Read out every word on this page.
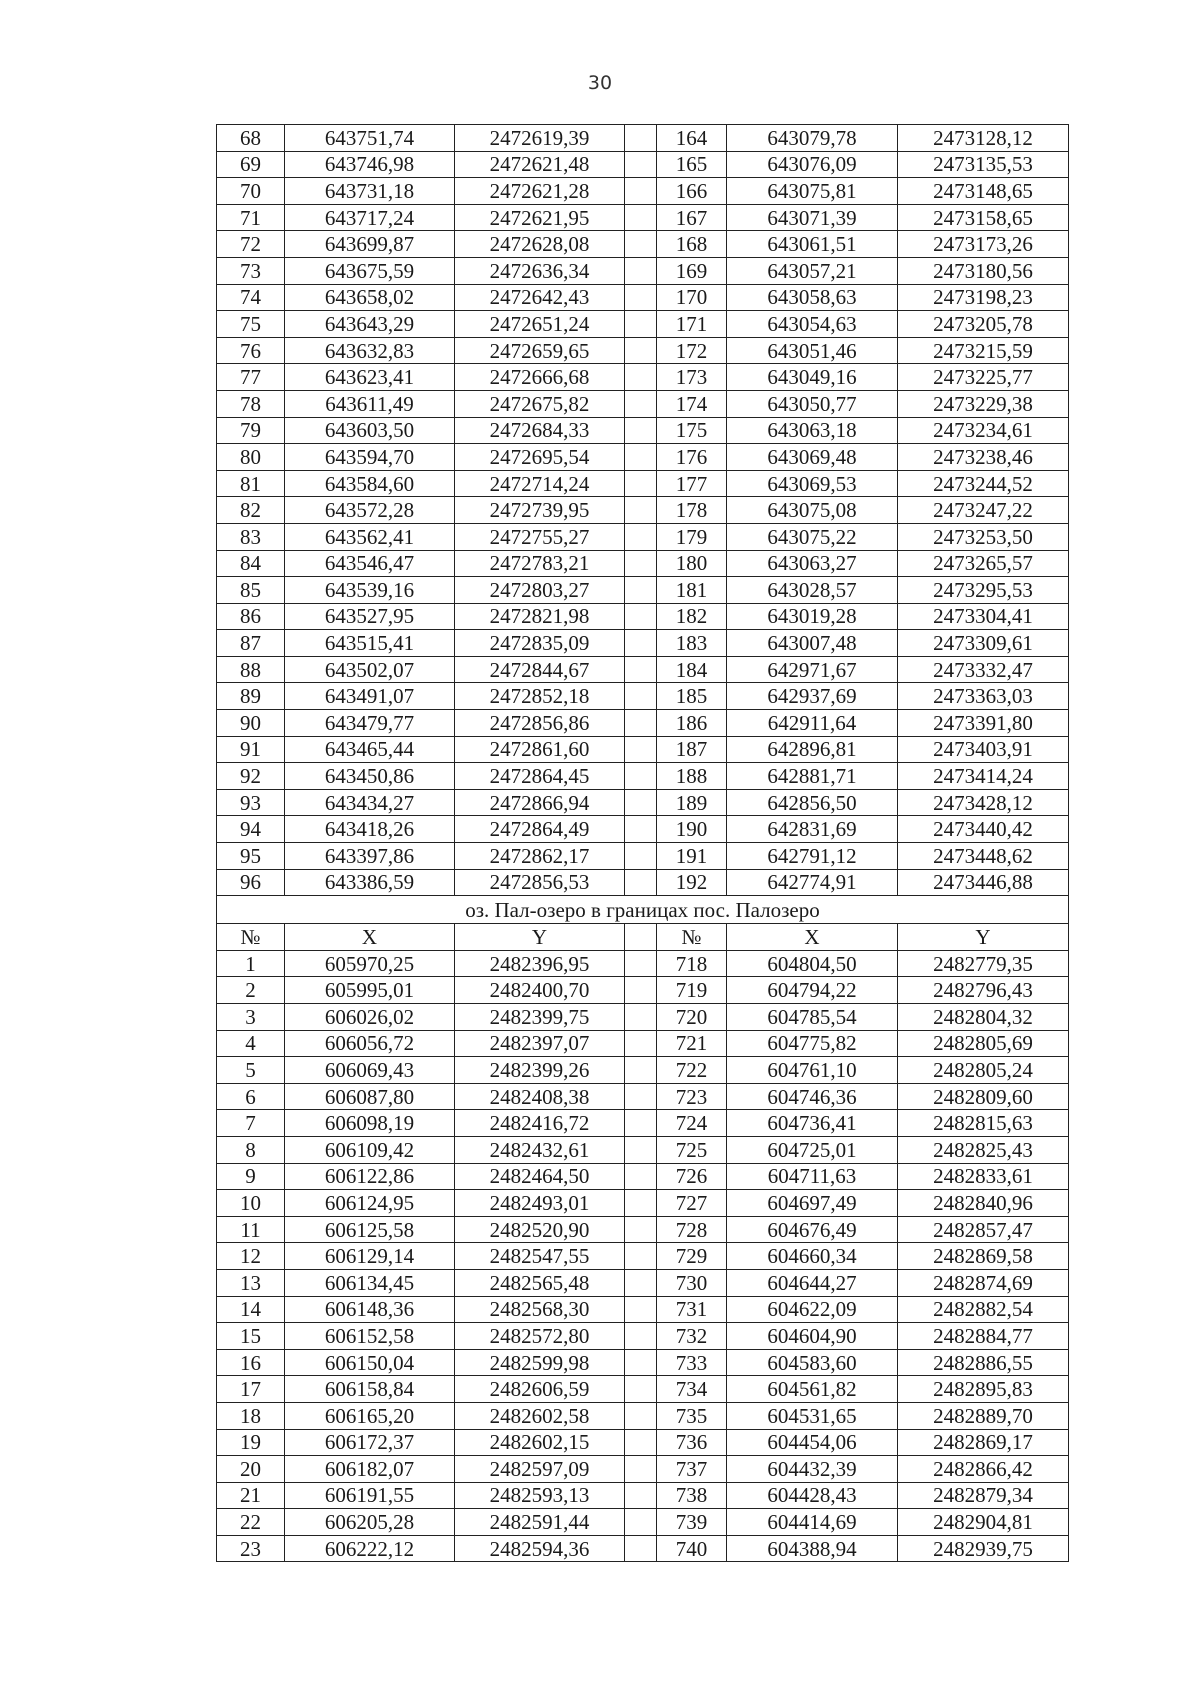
30
68	643751,74	2472619,39		164	643079,78	2473128,12
69	643746,98	2472621,48		165	643076,09	2473135,53
70	643731,18	2472621,28		166	643075,81	2473148,65
71	643717,24	2472621,95		167	643071,39	2473158,65
72	643699,87	2472628,08		168	643061,51	2473173,26
73	643675,59	2472636,34		169	643057,21	2473180,56
74	643658,02	2472642,43		170	643058,63	2473198,23
75	643643,29	2472651,24		171	643054,63	2473205,78
76	643632,83	2472659,65		172	643051,46	2473215,59
77	643623,41	2472666,68		173	643049,16	2473225,77
78	643611,49	2472675,82		174	643050,77	2473229,38
79	643603,50	2472684,33		175	643063,18	2473234,61
80	643594,70	2472695,54		176	643069,48	2473238,46
81	643584,60	2472714,24		177	643069,53	2473244,52
82	643572,28	2472739,95		178	643075,08	2473247,22
83	643562,41	2472755,27		179	643075,22	2473253,50
84	643546,47	2472783,21		180	643063,27	2473265,57
85	643539,16	2472803,27		181	643028,57	2473295,53
86	643527,95	2472821,98		182	643019,28	2473304,41
87	643515,41	2472835,09		183	643007,48	2473309,61
88	643502,07	2472844,67		184	642971,67	2473332,47
89	643491,07	2472852,18		185	642937,69	2473363,03
90	643479,77	2472856,86		186	642911,64	2473391,80
91	643465,44	2472861,60		187	642896,81	2473403,91
92	643450,86	2472864,45		188	642881,71	2473414,24
93	643434,27	2472866,94		189	642856,50	2473428,12
94	643418,26	2472864,49		190	642831,69	2473440,42
95	643397,86	2472862,17		191	642791,12	2473448,62
96	643386,59	2472856,53		192	642774,91	2473446,88
оз. Пал-озеро в границах пос. Палозеро						
№	X	Y		№	X	Y
1	605970,25	2482396,95		718	604804,50	2482779,35
2	605995,01	2482400,70		719	604794,22	2482796,43
3	606026,02	2482399,75		720	604785,54	2482804,32
4	606056,72	2482397,07		721	604775,82	2482805,69
5	606069,43	2482399,26		722	604761,10	2482805,24
6	606087,80	2482408,38		723	604746,36	2482809,60
7	606098,19	2482416,72		724	604736,41	2482815,63
8	606109,42	2482432,61		725	604725,01	2482825,43
9	606122,86	2482464,50		726	604711,63	2482833,61
10	606124,95	2482493,01		727	604697,49	2482840,96
11	606125,58	2482520,90		728	604676,49	2482857,47
12	606129,14	2482547,55		729	604660,34	2482869,58
13	606134,45	2482565,48		730	604644,27	2482874,69
14	606148,36	2482568,30		731	604622,09	2482882,54
15	606152,58	2482572,80		732	604604,90	2482884,77
16	606150,04	2482599,98		733	604583,60	2482886,55
17	606158,84	2482606,59		734	604561,82	2482895,83
18	606165,20	2482602,58		735	604531,65	2482889,70
19	606172,37	2482602,15		736	604454,06	2482869,17
20	606182,07	2482597,09		737	604432,39	2482866,42
21	606191,55	2482593,13		738	604428,43	2482879,34
22	606205,28	2482591,44		739	604414,69	2482904,81
23	606222,12	2482594,36		740	604388,94	2482939,75
